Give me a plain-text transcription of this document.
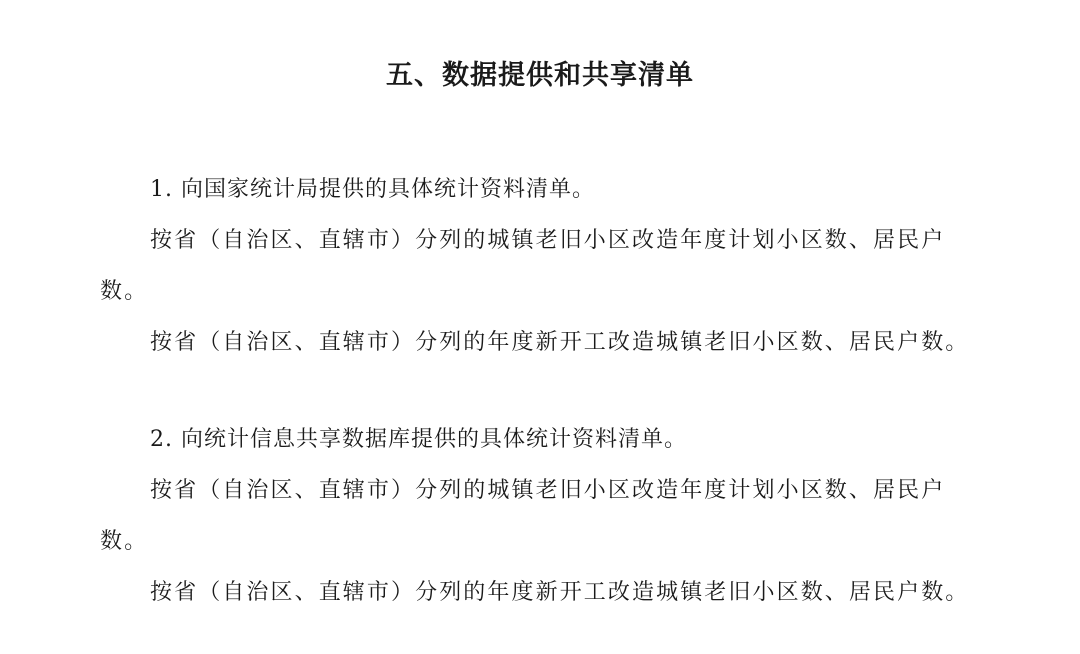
五、数据提供和共享清单

1. 向国家统计局提供的具体统计资料清单。

按省（自治区、直辖市）分列的城镇老旧小区改造年度计划小区数、居民户数。

按省（自治区、直辖市）分列的年度新开工改造城镇老旧小区数、居民户数。

2. 向统计信息共享数据库提供的具体统计资料清单。

按省（自治区、直辖市）分列的城镇老旧小区改造年度计划小区数、居民户数。

按省（自治区、直辖市）分列的年度新开工改造城镇老旧小区数、居民户数。
